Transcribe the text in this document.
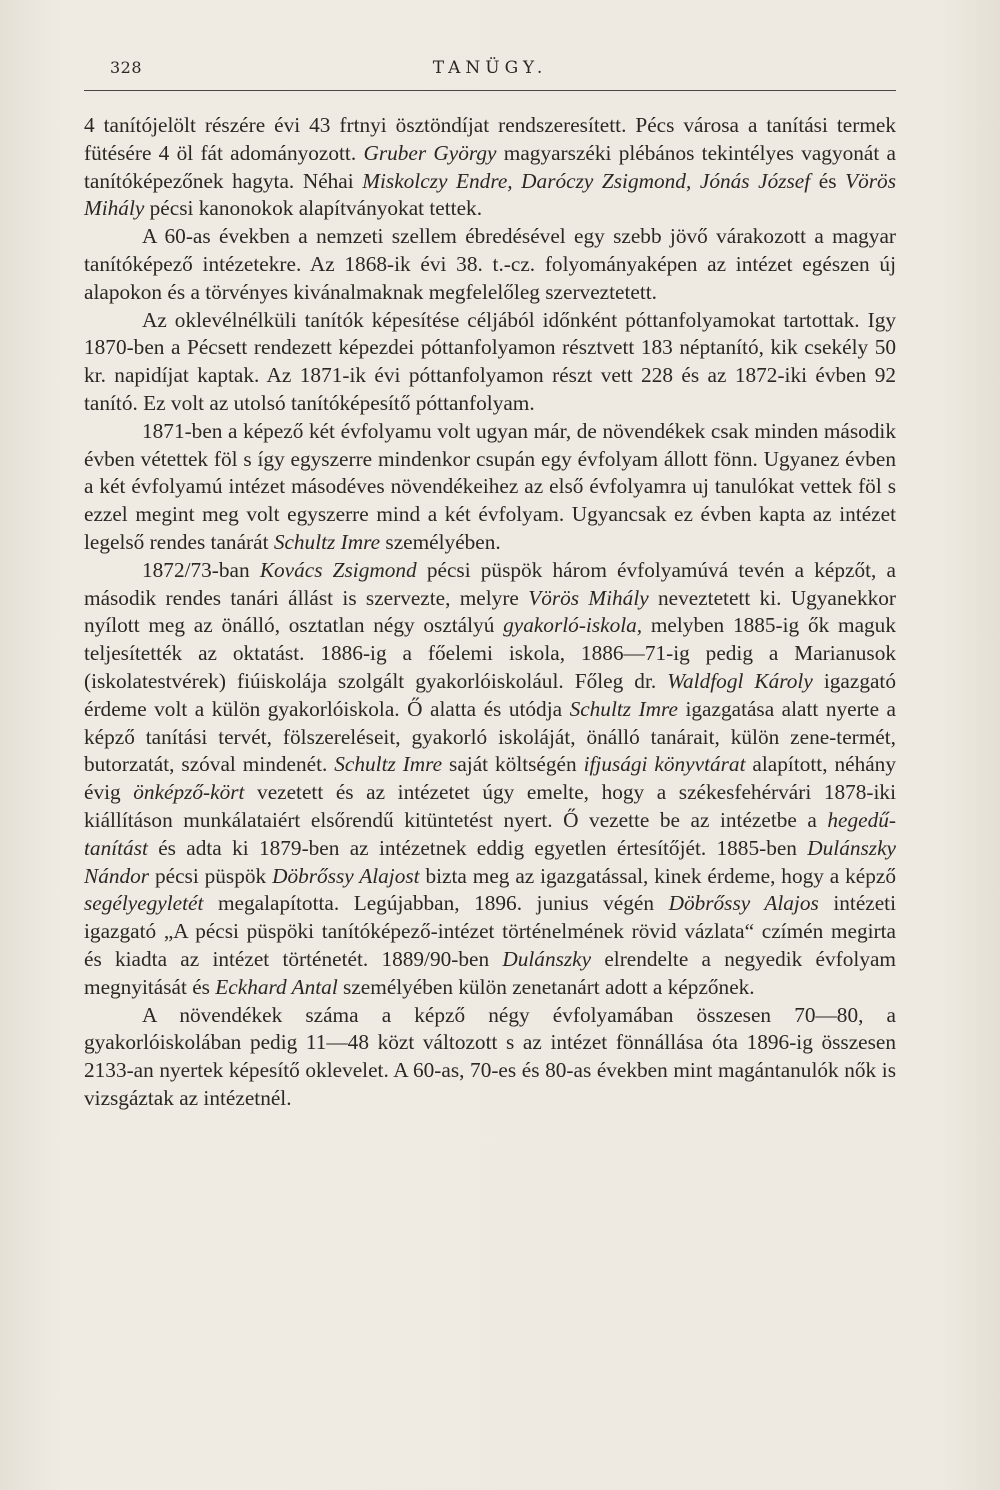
328	TANÜGY.

4 tanítójelölt részére évi 43 frtnyi ösztöndíjat rendszeresített. Pécs városa a tanítási termek fütésére 4 öl fát adományozott. Gruber György magyarszéki plébános tekintélyes vagyonát a tanítóképezőnek hagyta. Néhai Miskolczy Endre, Daróczy Zsigmond, Jónás József és Vörös Mihály pécsi kanonokok alapítványokat tettek.

A 60-as években a nemzeti szellem ébredésével egy szebb jövő várakozott a magyar tanítóképező intézetekre. Az 1868-ik évi 38. t.-cz. folyományaképen az intézet egészen új alapokon és a törvényes kivánalmaknak megfelelőleg szerveztetett.

Az oklevélnélküli tanítók képesítése céljából időnként póttanfolyamokat tartottak. Igy 1870-ben a Pécsett rendezett képezdei póttanfolyamon résztvett 183 néptanító, kik csekély 50 kr. napidíjat kaptak. Az 1871-ik évi póttanfolyamon részt vett 228 és az 1872-iki évben 92 tanító. Ez volt az utolsó tanítóképesítő póttanfolyam.

1871-ben a képező két évfolyamu volt ugyan már, de növendékek csak minden második évben vétettek föl s így egyszerre mindenkor csupán egy évfolyam állott fönn. Ugyanez évben a két évfolyamú intézet másodéves növendékeihez az első évfolyamra uj tanulókat vettek föl s ezzel megint meg volt egyszerre mind a két évfolyam. Ugyancsak ez évben kapta az intézet legelső rendes tanárát Schultz Imre személyében.

1872/73-ban Kovács Zsigmond pécsi püspök három évfolyamúvá tevén a képzőt, a második rendes tanári állást is szervezte, melyre Vörös Mihály neveztetett ki. Ugyanekkor nyílott meg az önálló, osztatlan négy osztályú gyakorló-iskola, melyben 1885-ig ők maguk teljesítették az oktatást. 1886-ig a főelemi iskola, 1886—71-ig pedig a Marianusok (iskolatestvérek) fiúiskolája szolgált gyakorlóiskolául. Főleg dr. Waldfogl Károly igazgató érdeme volt a külön gyakorlóiskola. Ő alatta és utódja Schultz Imre igazgatása alatt nyerte a képző tanítási tervét, fölszereléseit, gyakorló iskoláját, önálló tanárait, külön zene-termét, butorzatát, szóval mindenét. Schultz Imre saját költségén ifjusági könyvtárat alapított, néhány évig önképző-kört vezetett és az intézetet úgy emelte, hogy a székesfehérvári 1878-iki kiállításon munkálataiért elsőrendű kitüntetést nyert. Ő vezette be az intézetbe a hegedű-tanítást és adta ki 1879-ben az intézetnek eddig egyetlen értesítőjét. 1885-ben Dulánszky Nándor pécsi püspök Döbrőssy Alajost bizta meg az igazgatással, kinek érdeme, hogy a képző segélyegyletét megalapította. Legújabban, 1896. junius végén Döbrőssy Alajos intézeti igazgató „A pécsi püspöki tanítóképező-intézet történelmének rövid vázlata“ czímén megirta és kiadta az intézet történetét. 1889/90-ben Dulánszky elrendelte a negyedik évfolyam megnyitását és Eckhard Antal személyében külön zenetanárt adott a képzőnek.

A növendékek száma a képző négy évfolyamában összesen 70—80, a gyakorlóiskolában pedig 11—48 közt változott s az intézet fönnállása óta 1896-ig összesen 2133-an nyertek képesítő oklevelet. A 60-as, 70-es és 80-as években mint magántanulók nők is vizsgáztak az intézetnél.
